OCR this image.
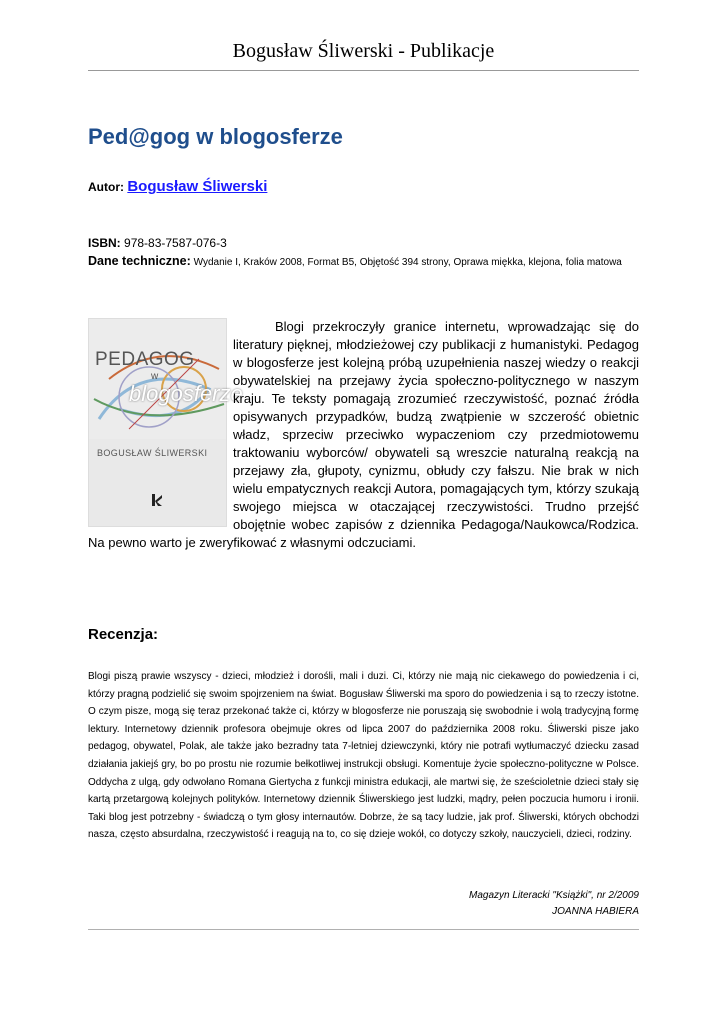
Bogusław Śliwerski - Publikacje
Ped@gog w blogosferze
Autor: Bogusław Śliwerski
ISBN: 978-83-7587-076-3
Dane techniczne: Wydanie I, Kraków 2008, Format B5, Objętość 394 strony, Oprawa miękka, klejona, folia matowa
PEDAGOG
w
blogosferze
BOGUSŁAW ŚLIWERSKI

Blogi przekroczyły granice internetu, wprowadzając się do literatury pięknej, młodzieżowej czy publikacji z humanistyki. Pedagog w blogosferze jest kolejną próbą uzupełnienia naszej wiedzy o reakcji obywatelskiej na przejawy życia społeczno-politycznego w naszym kraju. Te teksty pomagają zrozumieć rzeczywistość, poznać źródła opisywanych przypadków, budzą zwątpienie w szczerość obietnic władz, sprzeciw przeciwko wypaczeniom czy przedmiotowemu traktowaniu wyborców/ obywateli są wreszcie naturalną reakcją na przejawy zła, głupoty, cynizmu, obłudy czy fałszu. Nie brak w nich wielu empatycznych reakcji Autora, pomagających tym, którzy szukają swojego miejsca w otaczającej rzeczywistości. Trudno przejść obojętnie wobec zapisów z dziennika Pedagoga/Naukowca/Rodzica. Na pewno warto je zweryfikować z własnymi odczuciami.

Recenzja:

Blogi piszą prawie wszyscy - dzieci, młodzież i dorośli, mali i duzi. Ci, którzy nie mają nic ciekawego do powiedzenia i ci, którzy pragną podzielić się swoim spojrzeniem na świat. Bogusław Śliwerski ma sporo do powiedzenia i są to rzeczy istotne. O czym pisze, mogą się teraz przekonać także ci, którzy w blogosferze nie poruszają się swobodnie i wolą tradycyjną formę lektury. Internetowy dziennik profesora obejmuje okres od lipca 2007 do października 2008 roku. Śliwerski pisze jako pedagog, obywatel, Polak, ale także jako bezradny tata 7-letniej dziewczynki, który nie potrafi wytłumaczyć dziecku zasad działania jakiejś gry, bo po prostu nie rozumie bełkotliwej instrukcji obsługi. Komentuje życie społeczno-polityczne w Polsce. Oddycha z ulgą, gdy odwołano Romana Giertycha z funkcji ministra edukacji, ale martwi się, że sześcioletnie dzieci stały się kartą przetargową kolejnych polityków. Internetowy dziennik Śliwerskiego jest ludzki, mądry, pełen poczucia humoru i ironii. Taki blog jest potrzebny - świadczą o tym głosy internautów. Dobrze, że są tacy ludzie, jak prof. Śliwerski, których obchodzi nasza, często absurdalna, rzeczywistość i reagują na to, co się dzieje wokół, co dotyczy szkoły, nauczycieli, dzieci, rodziny.

Magazyn Literacki "Książki", nr 2/2009
JOANNA HABIERA
